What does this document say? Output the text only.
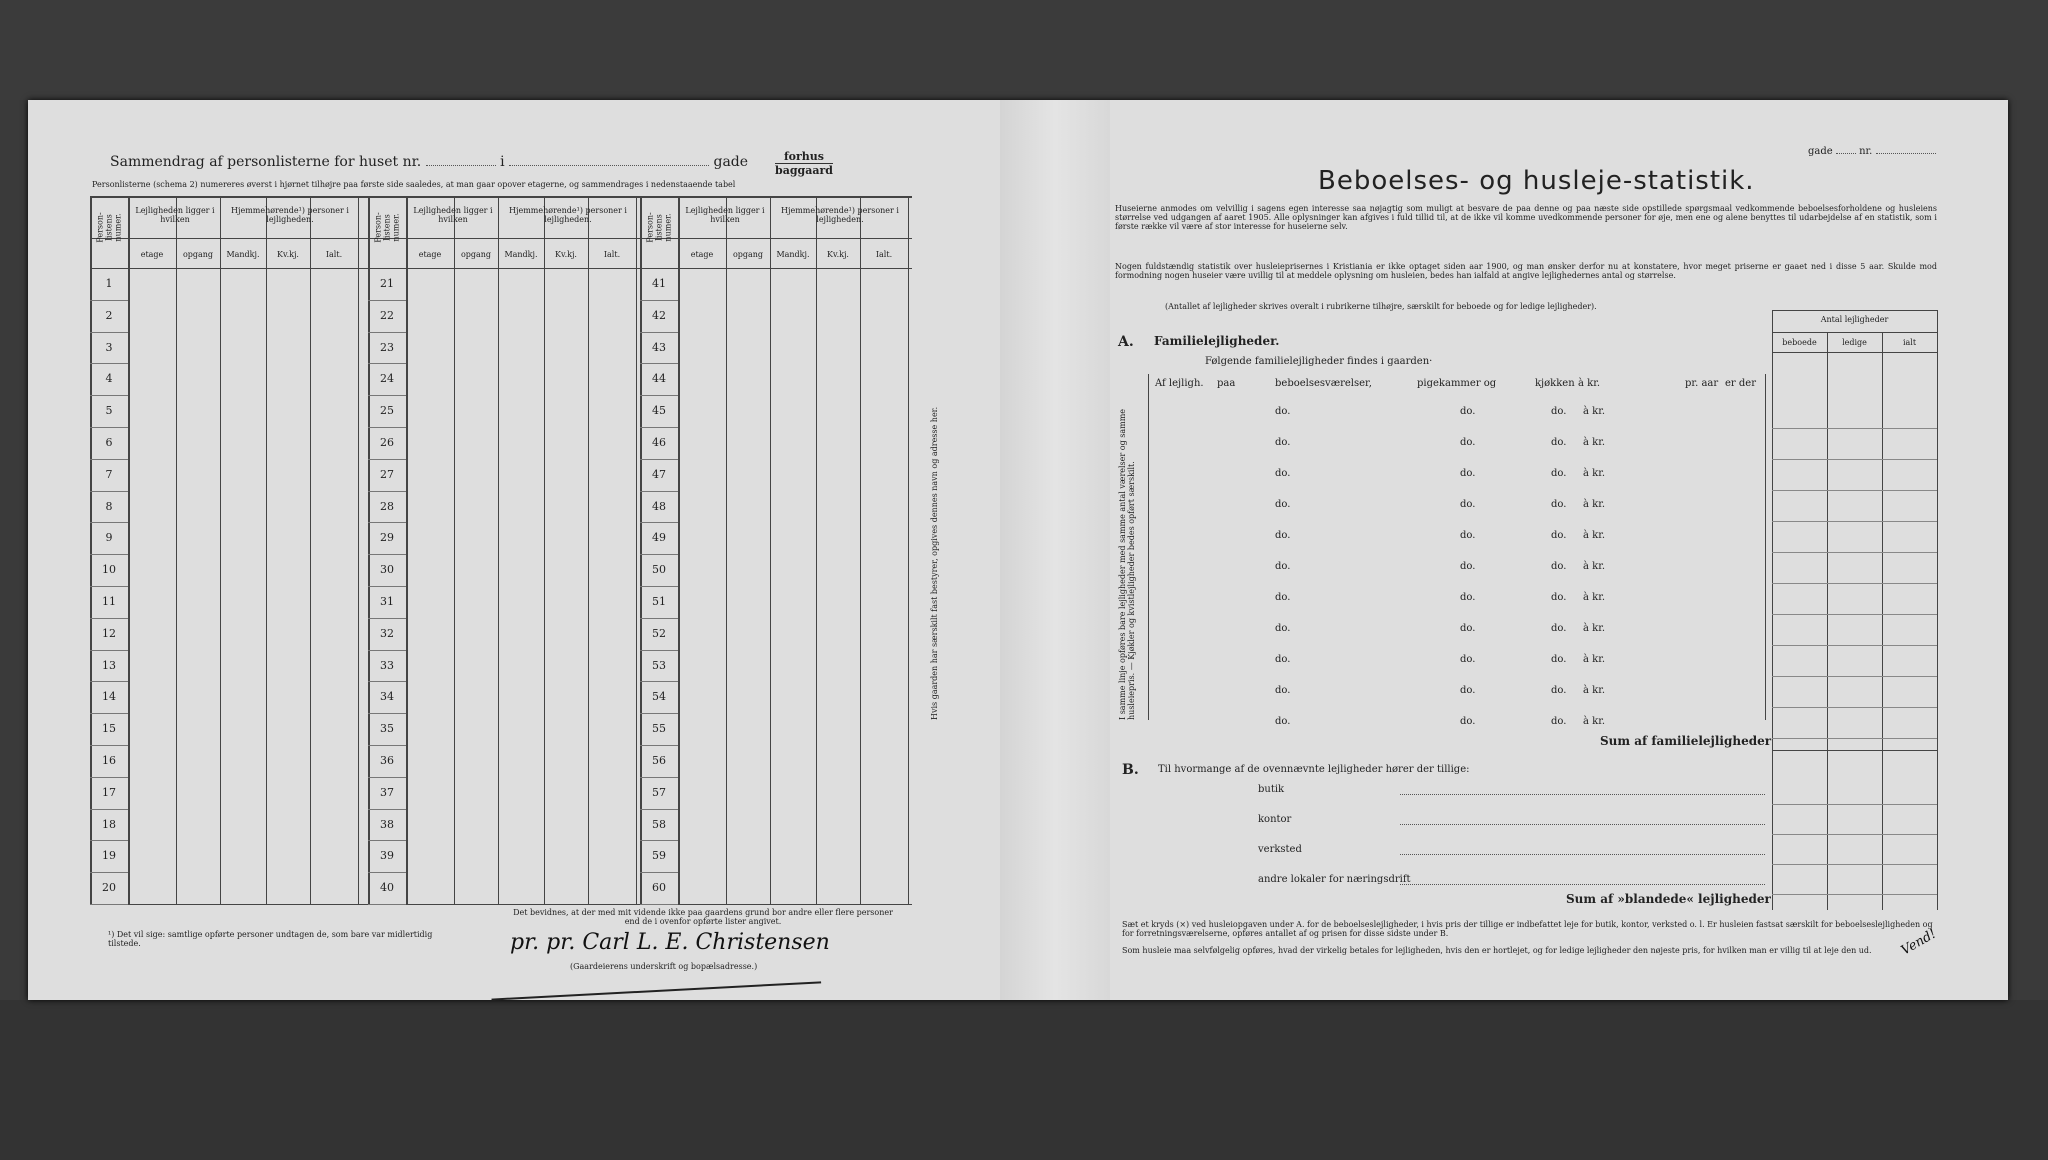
Sammendrag af personlisterne for huset nr.	i	gade	forhus
baggaard
Personlisterne (schema 2) numereres øverst i hjørnet tilhøjre paa første side saaledes, at man gaar opover etagerne, og sammendrages i nedenstaaende tabel
Person-listens numer.
Lejligheden ligger i hvilken
Hjemmehørende¹) personer i lejligheden.
etage	opgang	Mandkj.	Kv.kj.	Ialt.
1
2
3
4
5
6
7
8
9
10
11
12
13
14
15
16
17
18
19
20
Person-listens numer.
Lejligheden ligger i hvilken
Hjemmehørende¹) personer i lejligheden.
etage	opgang	Mandkj.	Kv.kj.	Ialt.
21
22
23
24
25
26
27
28
29
30
31
32
33
34
35
36
37
38
39
40
Person-listens numer.
Lejligheden ligger i hvilken
Hjemmehørende¹) personer i lejligheden.
etage	opgang	Mandkj.	Kv.kj.	Ialt.
41
42
43
44
45
46
47
48
49
50
51
52
53
54
55
56
57
58
59
60
¹) Det vil sige: samtlige opførte personer undtagen de, som bare var midlertidig tilstede.
Det bevidnes, at der med mit vidende ikke paa gaardens grund bor andre eller flere personer end de i ovenfor opførte lister angivet.
pr. pr. Carl L. E. Christensen
(Gaardeierens underskrift og bopælsadresse.)
Hvis gaarden har særskilt fast bestyrer, opgives dennes navn og adresse her.
gade	nr.
Beboelses- og husleje-statistik.
Huseierne anmodes om velvillig i sagens egen interesse saa nøjagtig som muligt at besvare de paa denne og paa næste side opstillede spørgsmaal vedkommende beboelsesforholdene og husleiens størrelse ved udgangen af aaret 1905. Alle oplysninger kan afgives i fuld tillid til, at de ikke vil komme uvedkommende personer for øje, men ene og alene benyttes til udarbejdelse af en statistik, som i første række vil være af stor interesse for huseierne selv.
Nogen fuldstændig statistik over husleieprisernes i Kristiania er ikke optaget siden aar 1900, og man ønsker derfor nu at konstatere, hvor meget priserne er gaaet ned i disse 5 aar. Skulde mod formodning nogen huseier være uvillig til at meddele oplysning om husleien, bedes han ialfald at angive lejlighedernes antal og størrelse.
(Antallet af lejligheder skrives overalt i rubrikerne tilhøjre, særskilt for beboede og for ledige lejligheder).
Antal lejligheder
beboede	ledige	ialt
A. Familielejligheder.
Følgende familielejligheder findes i gaarden·
I samme linje opføres bare lejligheder med samme antal værelser og samme husleiepris. — Kjøkler og kvistlejligheder bedes opført særskilt.
Af lejligh. paa	beboelsesværelser,	pigekammer og	kjøkken à kr.	pr. aar er der
do.	do.	do. à kr.
do.	do.	do. à kr.
do.	do.	do. à kr.
do.	do.	do. à kr.
do.	do.	do. à kr.
do.	do.	do. à kr.
do.	do.	do. à kr.
do.	do.	do. à kr.
do.	do.	do. à kr.
do.	do.	do. à kr.
do.	do.	do. à kr.
Sum af familielejligheder
B. Til hvormange af de ovennævnte lejligheder hører der tillige:
butik
kontor
verksted
andre lokaler for næringsdrift
Sum af »blandede« lejligheder
Sæt et kryds (×) ved husleiopgaven under A. for de beboelseslejligheder, i hvis pris der tillige er indbefattet leje for butik, kontor, verksted o. l. Er husleien fastsat særskilt for beboelseslejligheden og for forretningsværelserne, opføres antallet af og prisen for disse sidste under B.
Som husleie maa selvfølgelig opføres, hvad der virkelig betales for lejligheden, hvis den er hortlejet, og for ledige lejligheder den nøjeste pris, for hvilken man er villig til at leje den ud.	Vend!
